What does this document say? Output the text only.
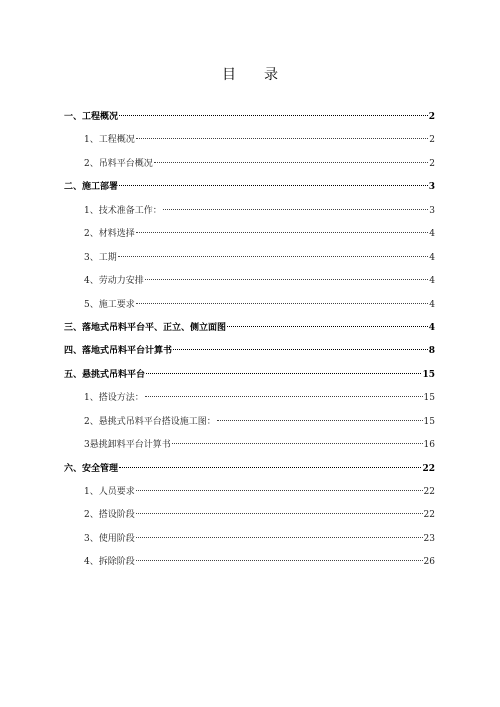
目录
一、工程概况	2
1、工程概况	2
2、吊料平台概况	2
二、施工部署	3
1、技术准备工作：	3
2、材料选择	4
3、工期	4
4、劳动力安排	4
5、施工要求	4
三、落地式吊料平台平、正立、侧立面图	4
四、落地式吊料平台计算书	8
五、悬挑式吊料平台	15
1、搭设方法：	15
2、悬挑式吊料平台搭设施工图：	15
3悬挑卸料平台计算书	16
六、安全管理	22
1、人员要求	22
2、搭设阶段	22
3、使用阶段	23
4、拆除阶段	26
